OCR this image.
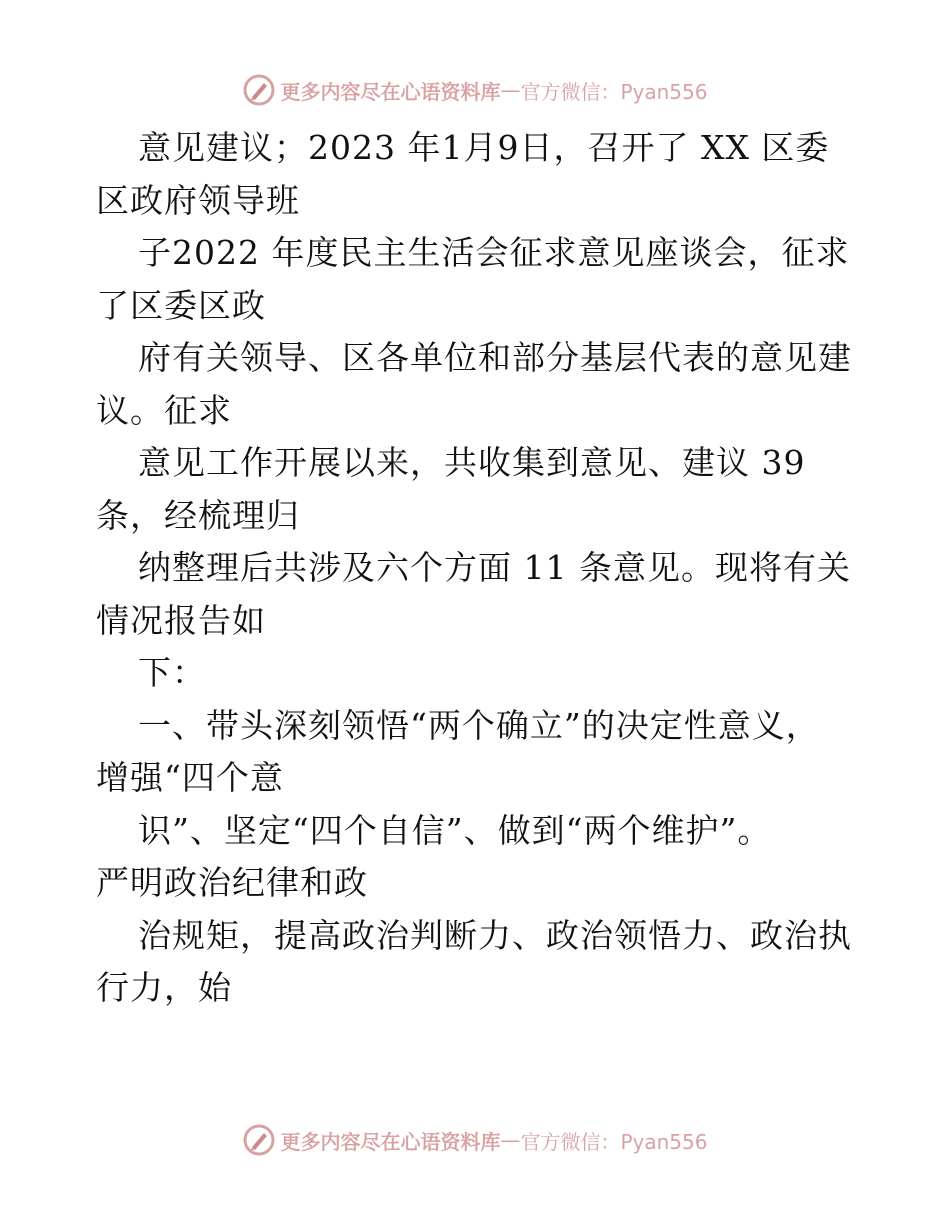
更多内容尽在心语资料库 — 官方微信：Pyan556
意见建议；2023 年1月9日，召开了 XX 区委
区政府领导班
子2022 年度民主生活会征求意见座谈会，征求
了区委区政
府有关领导、区各单位和部分基层代表的意见建
议。征求
意见工作开展以来，共收集到意见、建议 39
条，经梳理归
纳整理后共涉及六个方面 11 条意见。现将有关
情况报告如
下：
一、带头深刻领悟“两个确立”的决定性意义，
增强“四个意
识”、坚定“四个自信”、做到“两个维护”。
严明政治纪律和政
治规矩，提高政治判断力、政治领悟力、政治执
行力，始
更多内容尽在心语资料库 — 官方微信：Pyan556
